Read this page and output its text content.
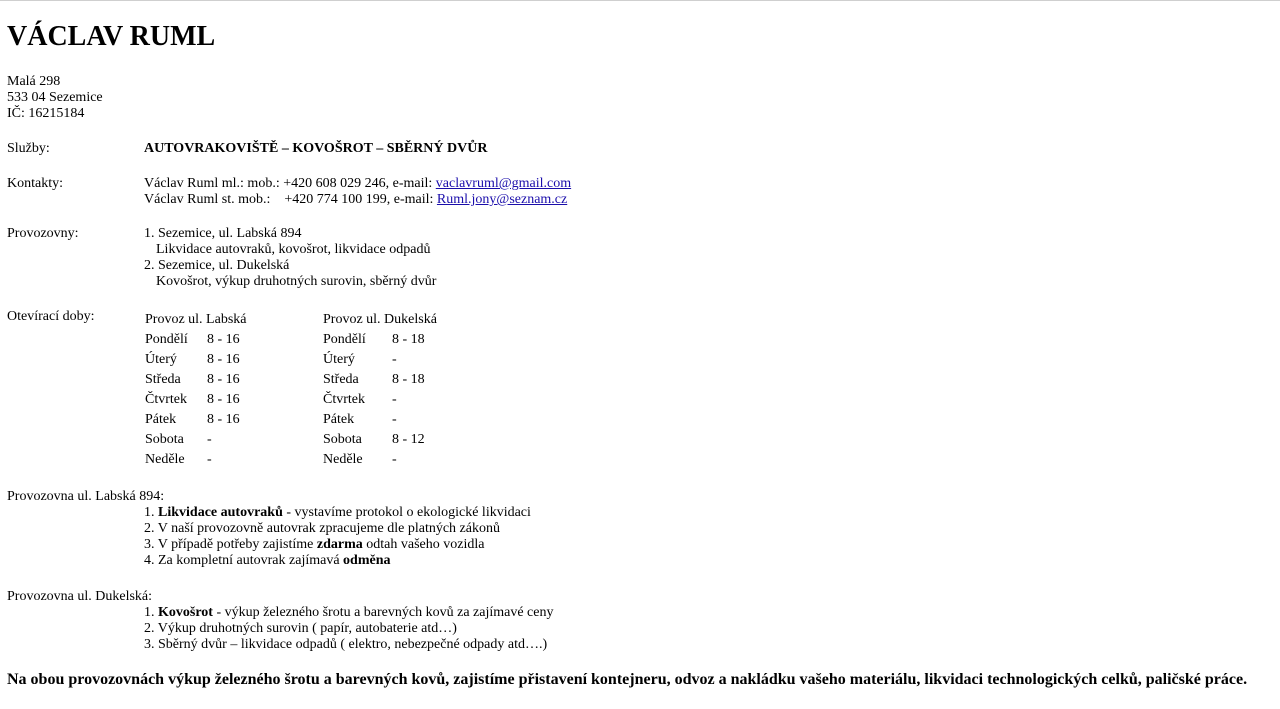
VÁCLAV RUML
Malá 298
533 04 Sezemice
IČ: 16215184
Služby:	AUTOVRAKOVIŠTĚ – KOVOŠROT – SBĚRNÝ DVŮR
Kontakty:	Václav Ruml ml.: mob.: +420 608 029 246, e-mail: vaclavruml@gmail.com
Václav Ruml st. mob.:    +420 774 100 199, e-mail: Ruml.jony@seznam.cz
Provozovny:	1. Sezemice, ul. Labská 894
Likvidace autovraků, kovošrot, likvidace odpadů
2. Sezemice, ul. Dukelská
Kovošrot, výkup druhotných surovin, sběrný dvůr
Otevírací doby:	Provoz ul. Labská
Pondělí	8 - 16
Úterý	8 - 16
Středa	8 - 16
Čtvrtek	8 - 16
Pátek	8 - 16
Sobota	-
Neděle	-
Provoz ul. Dukelská
Pondělí	8 - 18
Úterý	-
Středa	8 - 18
Čtvrtek	-
Pátek	-
Sobota	8 - 12
Neděle	-
Provozovna ul. Labská 894:
1. Likvidace autovraků - vystavíme protokol o ekologické likvidaci
2. V naší provozovně autovrak zpracujeme dle platných zákonů
3. V případě potřeby zajistíme zdarma odtah vašeho vozidla
4. Za kompletní autovrak zajímavá odměna
Provozovna ul. Dukelská:
1. Kovošrot - výkup železného šrotu a barevných kovů za zajímavé ceny
2. Výkup druhotných surovin ( papír, autobaterie atd…)
3. Sběrný dvůr – likvidace odpadů ( elektro, nebezpečné odpady atd….)
Na obou provozovnách výkup železného šrotu a barevných kovů, zajistíme přistavení kontejneru, odvoz a nakládku vašeho materiálu, likvidaci technologických celků, paličské práce.
